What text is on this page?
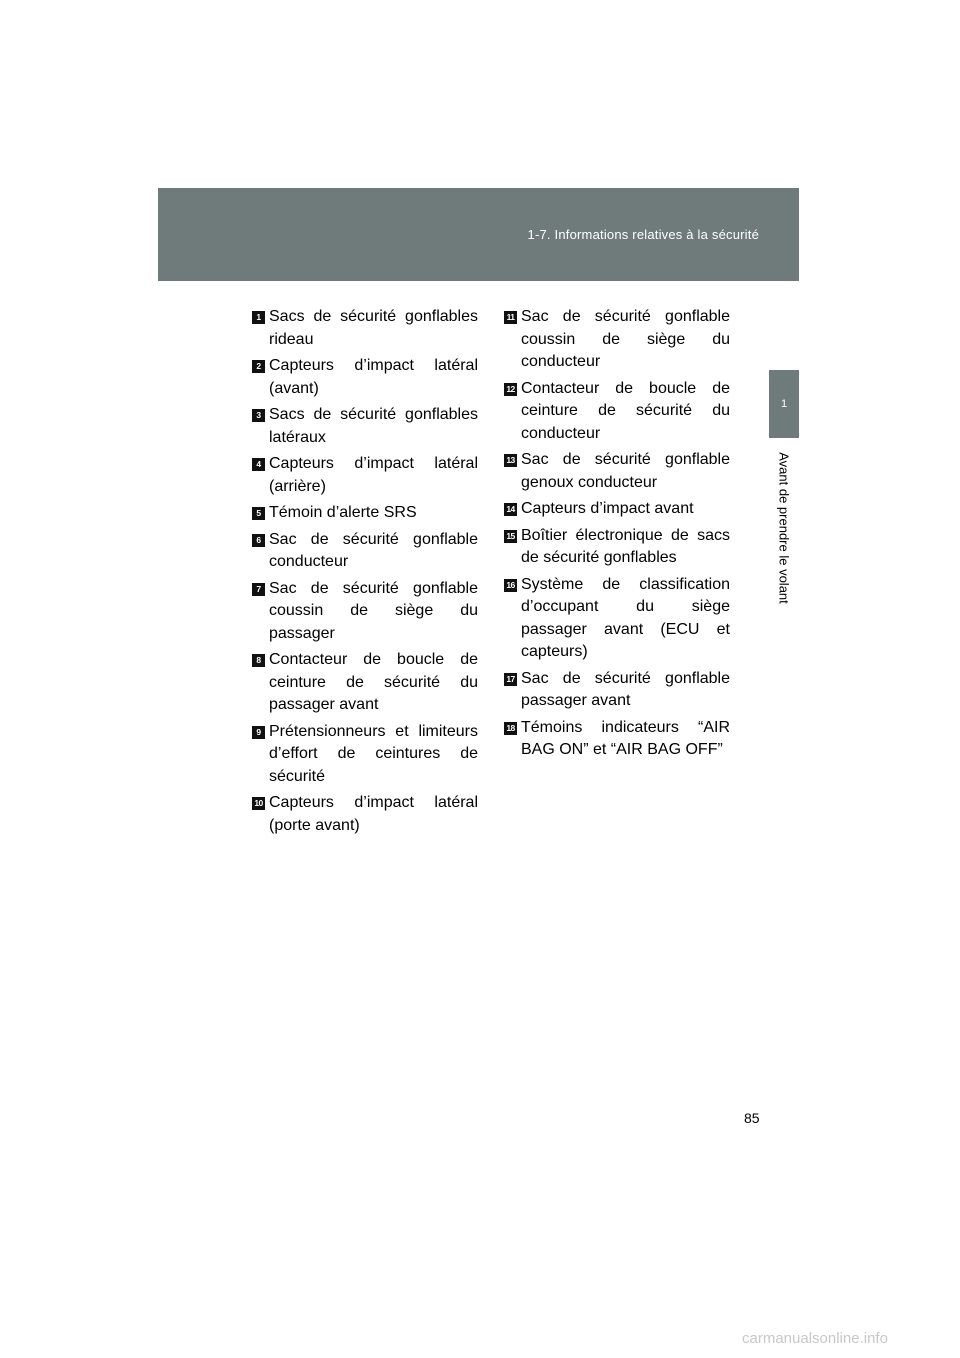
1-7. Informations relatives à la sécurité
1
Avant de prendre le volant
1 Sacs de sécurité gonflables rideau
2 Capteurs d’impact latéral (avant)
3 Sacs de sécurité gonflables latéraux
4 Capteurs d’impact latéral (arrière)
5 Témoin d’alerte SRS
6 Sac de sécurité gonflable conducteur
7 Sac de sécurité gonflable coussin de siège du passager
8 Contacteur de boucle de ceinture de sécurité du passager avant
9 Prétensionneurs et limiteurs d’effort de ceintures de sécurité
10 Capteurs d’impact latéral (porte avant)
11 Sac de sécurité gonflable coussin de siège du conducteur
12 Contacteur de boucle de ceinture de sécurité du conducteur
13 Sac de sécurité gonflable genoux conducteur
14 Capteurs d’impact avant
15 Boîtier électronique de sacs de sécurité gonflables
16 Système de classification d’occupant du siège passager avant (ECU et capteurs)
17 Sac de sécurité gonflable passager avant
18 Témoins indicateurs “AIR BAG ON” et “AIR BAG OFF”
85
carmanualsonline.info
